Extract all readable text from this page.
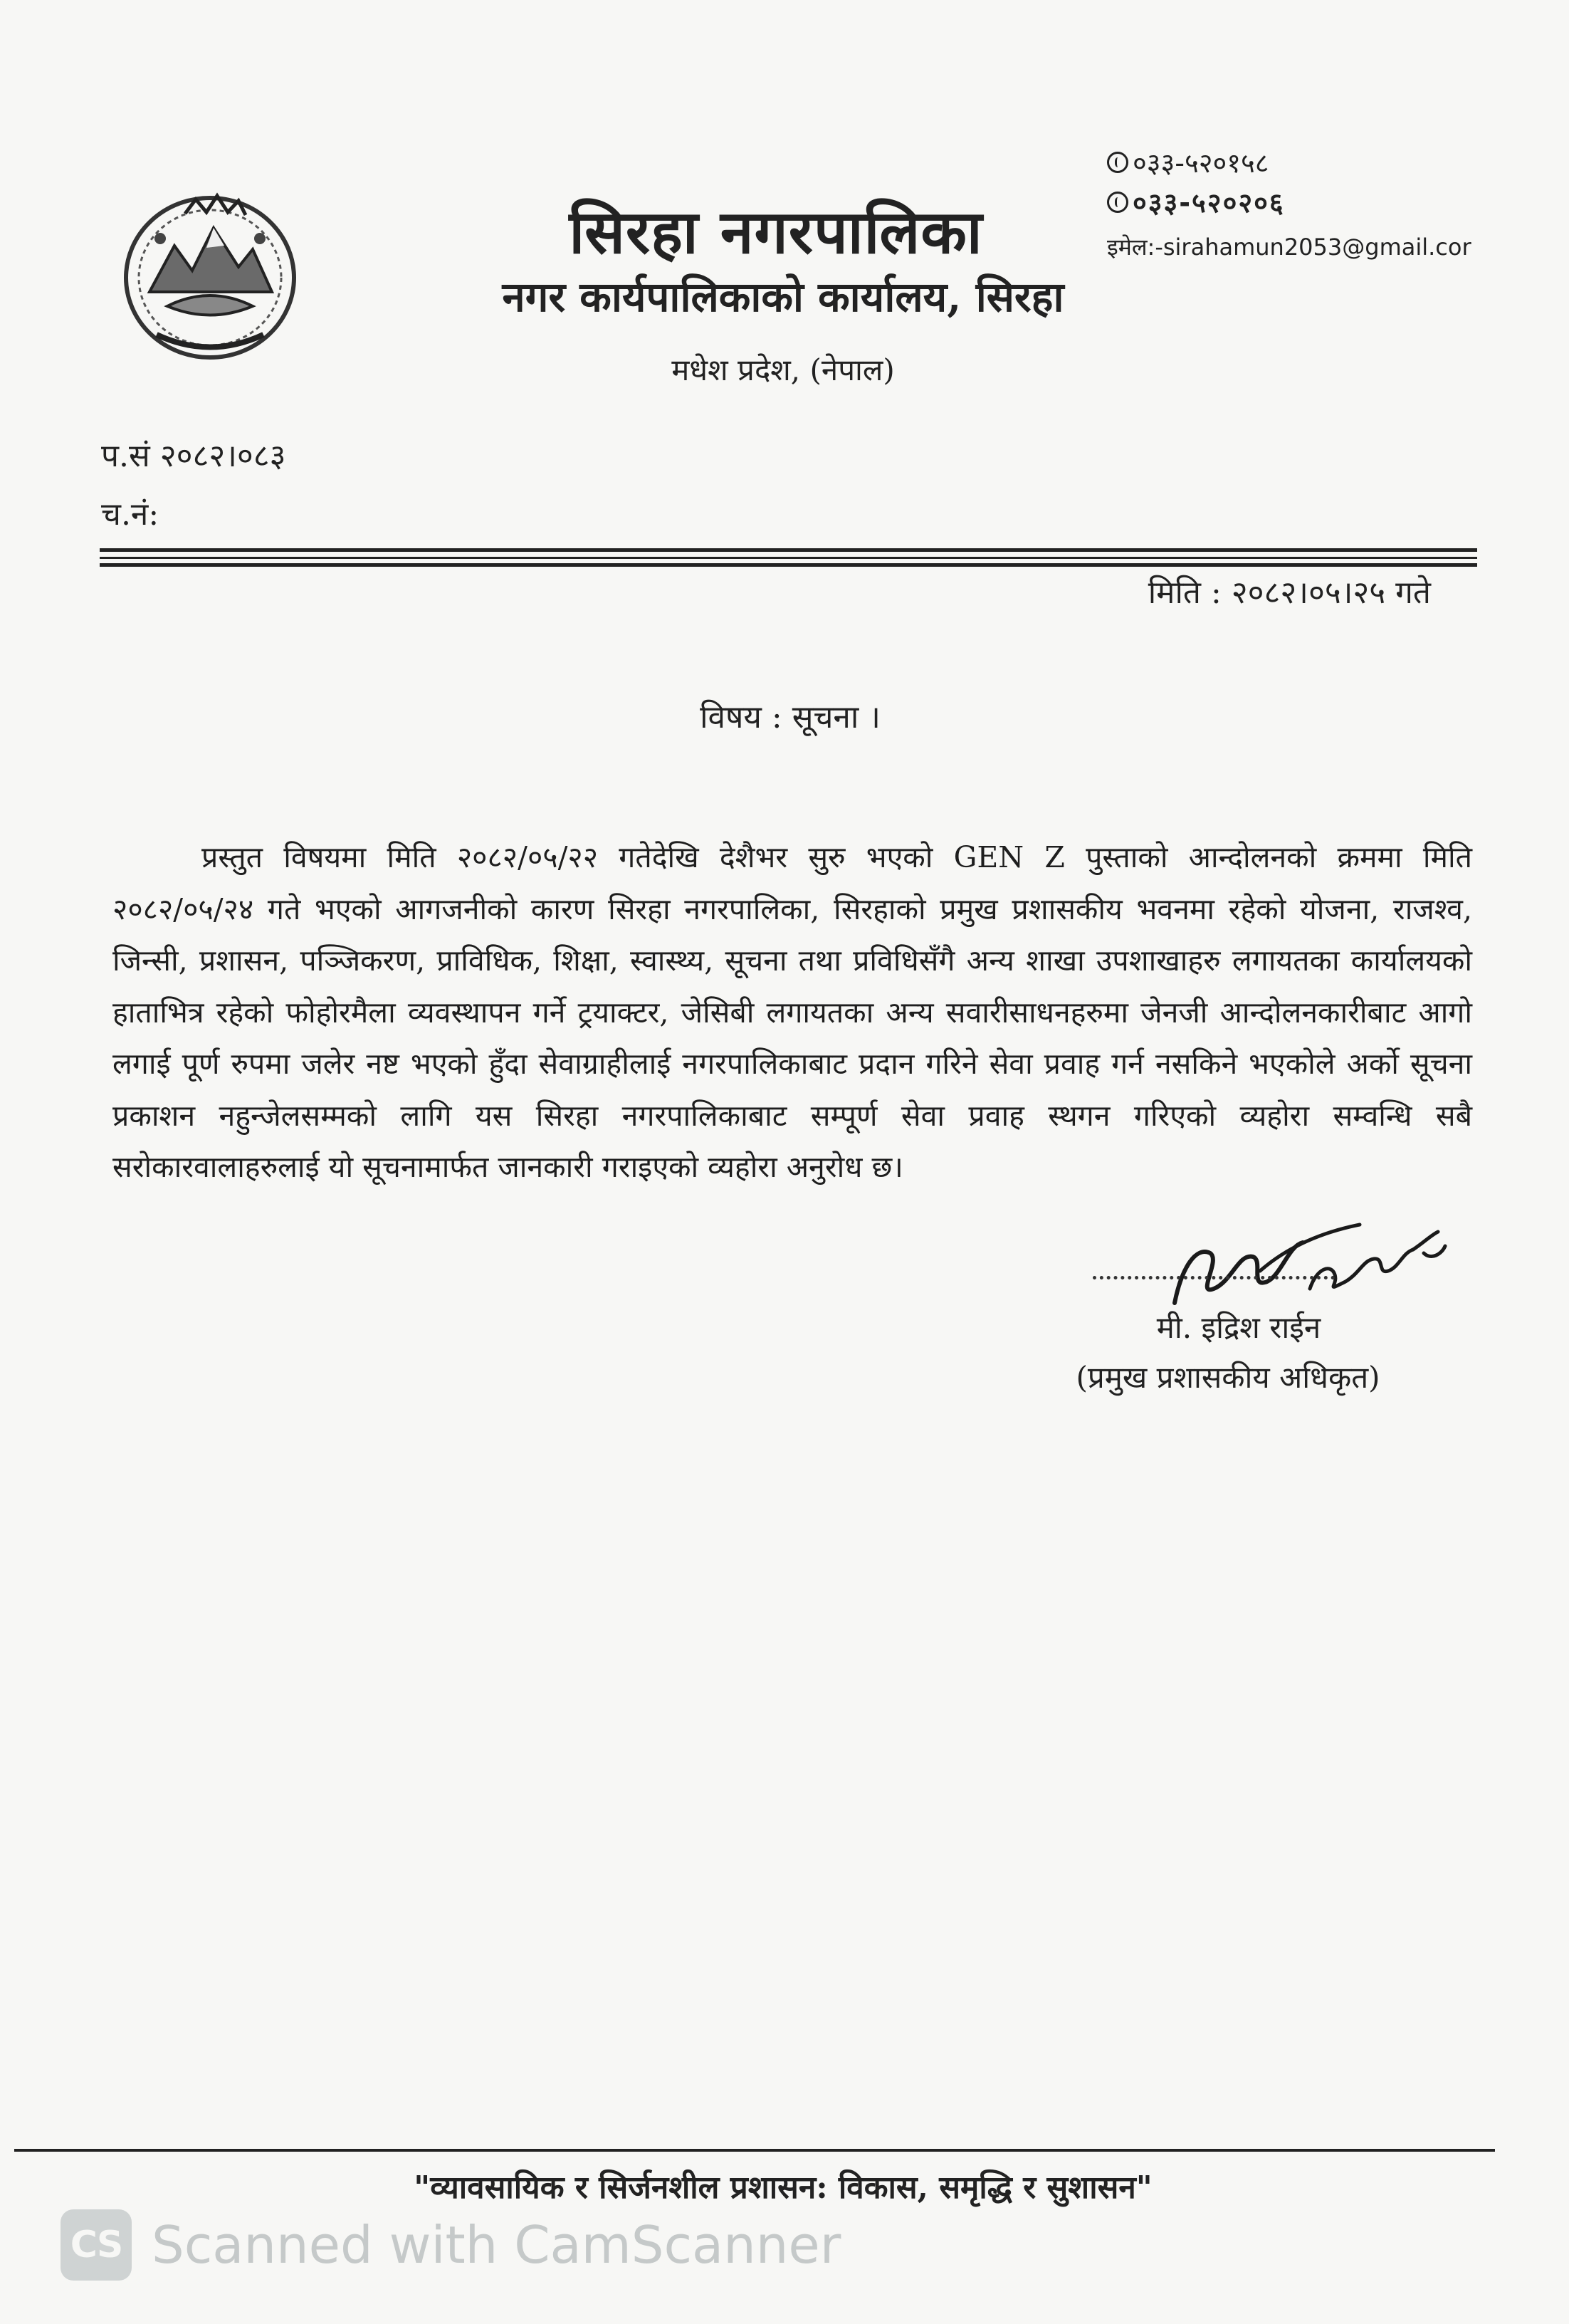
सिरहा नगरपालिका
नगर कार्यपालिकाको कार्यालय, सिरहा
मधेश प्रदेश, (नेपाल)
०३३-५२०१५८
०३३-५२०२०६
इमेल:-sirahamun2053@gmail.cor
प.सं २०८२।०८३
च.नं:
मिति : २०८२।०५।२५ गते
विषय : सूचना ।
प्रस्तुत विषयमा मिति २०८२/०५/२२ गतेदेखि देशैभर सुरु भएको GEN Z पुस्ताको आन्दोलनको क्रममा मिति २०८२/०५/२४ गते भएको आगजनीको कारण सिरहा नगरपालिका, सिरहाको प्रमुख प्रशासकीय भवनमा रहेको योजना, राजश्व, जिन्सी, प्रशासन, पञ्जिकरण, प्राविधिक, शिक्षा, स्वास्थ्य, सूचना तथा प्रविधिसँगै अन्य शाखा उपशाखाहरु लगायतका कार्यालयको हाताभित्र रहेको फोहोरमैला व्यवस्थापन गर्ने ट्रयाक्टर, जेसिबी लगायतका अन्य सवारीसाधनहरुमा जेनजी आन्दोलनकारीबाट आगो लगाई पूर्ण रुपमा जलेर नष्ट भएको हुँदा सेवाग्राहीलाई नगरपालिकाबाट प्रदान गरिने सेवा प्रवाह गर्न नसकिने भएकोले अर्को सूचना प्रकाशन नहुन्जेलसम्मको लागि यस सिरहा नगरपालिकाबाट सम्पूर्ण सेवा प्रवाह स्थगन गरिएको व्यहोरा सम्वन्धि सबै सरोकारवालाहरुलाई यो सूचनामार्फत जानकारी गराइएको व्यहोरा अनुरोध छ।
मी. इद्रिश राईन
(प्रमुख प्रशासकीय अधिकृत)
"व्यावसायिक र सिर्जनशील प्रशासन: विकास, समृद्धि र सुशासन"
CS Scanned with CamScanner
